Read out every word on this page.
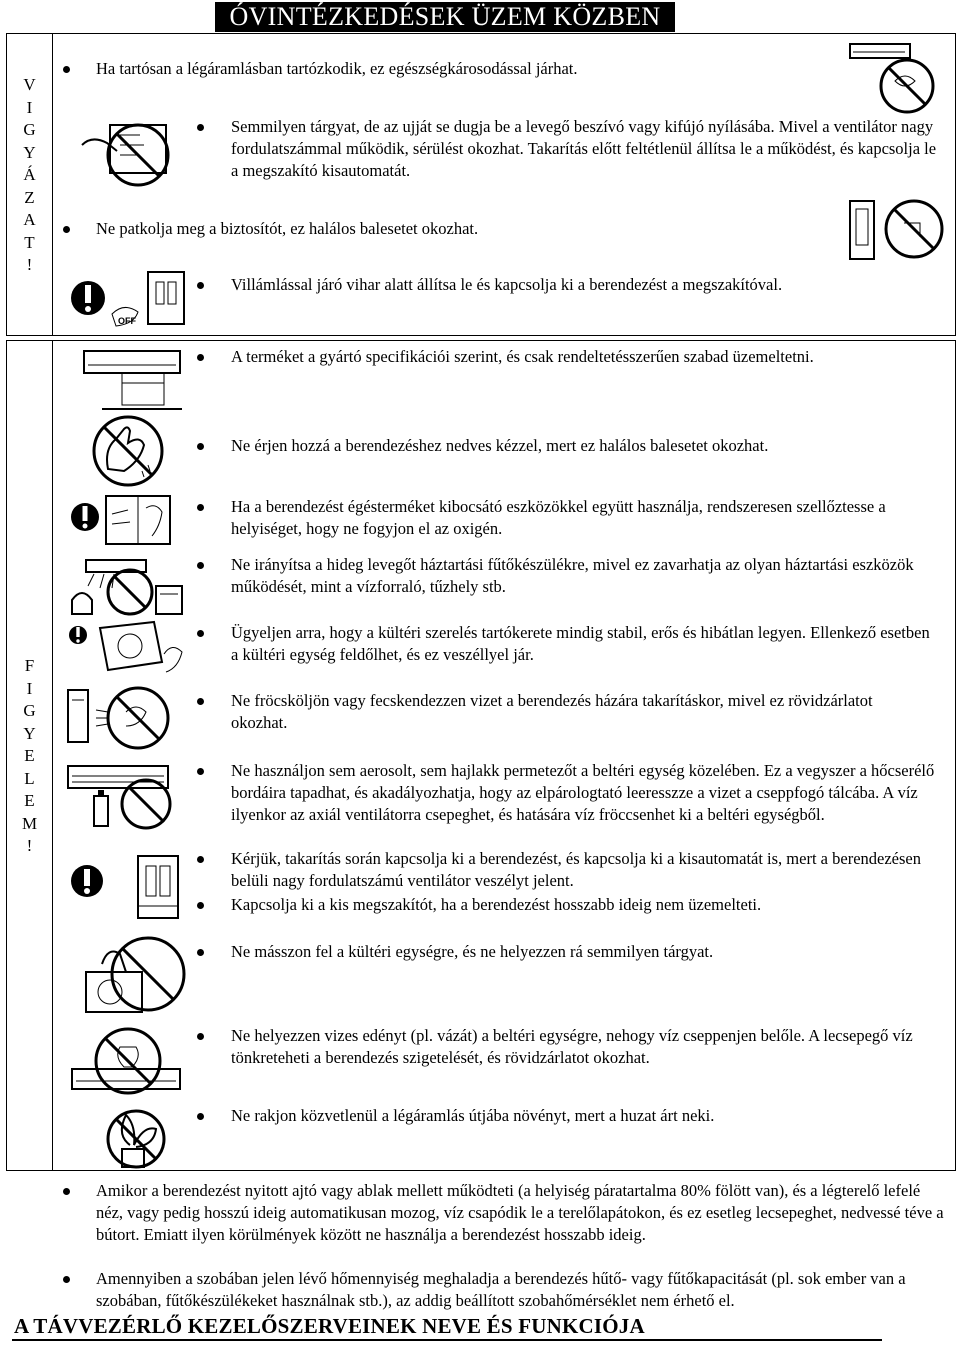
ÓVINTÉZKEDÉSEK ÜZEM KÖZBEN
V
I
G
Y
Á
Z
A
T
!
F
I
G
Y
E
L
E
M
!
Ha tartósan a légáramlásban tartózkodik, ez egészségkárosodással járhat.
Semmilyen tárgyat, de az ujját se dugja be a levegő beszívó vagy kifújó nyílásába. Mivel a ventilátor nagy fordulatszámmal működik, sérülést okozhat. Takarítás előtt feltétlenül állítsa le a működést, és kapcsolja le a megszakító kisautomatát.
Ne patkolja meg a biztosítót, ez halálos balesetet okozhat.
Villámlással járó vihar alatt állítsa le és kapcsolja ki a berendezést a megszakítóval.
A terméket a gyártó specifikációi szerint, és csak rendeltetésszerűen szabad üzemeltetni.
Ne érjen hozzá a berendezéshez nedves kézzel, mert ez halálos balesetet okozhat.
Ha a berendezést égésterméket kibocsátó eszközökkel együtt használja, rendszeresen szellőztesse a helyiséget, hogy ne fogyjon el az oxigén.
Ne irányítsa a hideg levegőt háztartási fűtőkészülékre, mivel ez zavarhatja az olyan háztartási eszközök működését, mint a vízforraló, tűzhely stb.
Ügyeljen arra, hogy a kültéri szerelés tartókerete mindig stabil, erős és hibátlan legyen. Ellenkező esetben a kültéri egység feldőlhet, és ez veszéllyel jár.
Ne fröcsköljön vagy fecskendezzen vizet a berendezés házára takarításkor, mivel ez rövidzárlatot okozhat.
Ne használjon sem aerosolt, sem hajlakk permetezőt a beltéri egység közelében. Ez a vegyszer a hőcserélő bordáira tapadhat, és akadályozhatja, hogy az elpárologtató leeresszze a vizet a cseppfogó tálcába. A víz ilyenkor az axiál ventilátorra csepeghet, és hatására víz fröccsenhet ki a beltéri egységből.
Kérjük, takarítás során kapcsolja ki a berendezést, és kapcsolja ki a kisautomatát is, mert a berendezésen belüli nagy fordulatszámú ventilátor veszélyt jelent.
Kapcsolja ki a kis megszakítót, ha a berendezést hosszabb ideig nem üzemelteti.
Ne másszon fel a kültéri egységre, és ne helyezzen rá semmilyen tárgyat.
Ne helyezzen vizes edényt (pl. vázát) a beltéri egységre, nehogy víz cseppenjen belőle. A lecsepegő víz tönkreteheti a berendezés szigetelését, és rövidzárlatot okozhat.
Ne rakjon közvetlenül a légáramlás útjába növényt, mert a huzat árt neki.
Amikor a berendezést nyitott ajtó vagy ablak mellett működteti (a helyiség páratartalma 80% fölött van), és a légterelő lefelé néz, vagy pedig hosszú ideig automatikusan mozog, víz csapódik le a terelőlapátokon, és ez esetleg lecsepeghet, nedvessé téve a bútort. Emiatt ilyen körülmények között ne használja a berendezést hosszabb ideig.
Amennyiben a szobában jelen lévő hőmennyiség meghaladja a berendezés hűtő- vagy fűtőkapacitását (pl. sok ember van a szobában, fűtőkészülékeket használnak stb.), az addig beállított szobahőmérséklet nem érhető el.
A TÁVVEZÉRLŐ KEZELŐSZERVEINEK NEVE ÉS FUNKCIÓJA
OFF
